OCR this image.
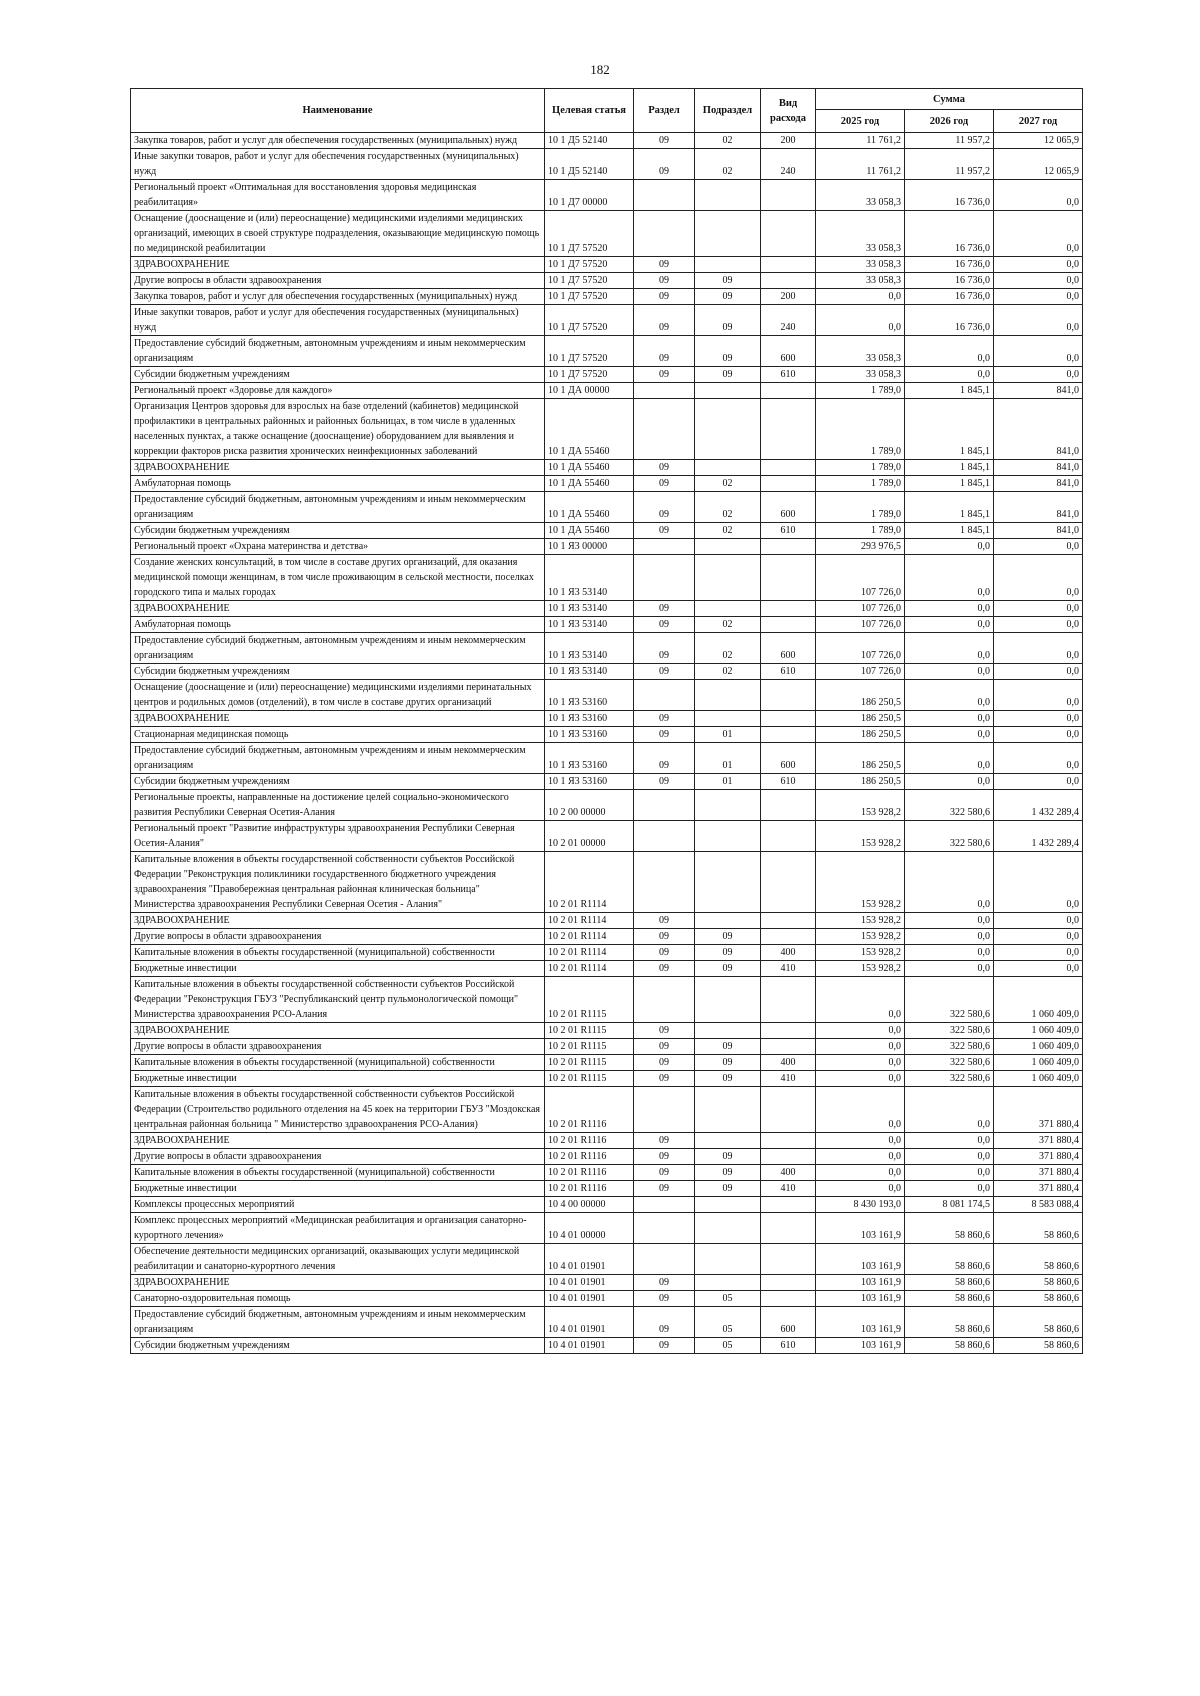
182
Наименование	Целевая статья	Раздел	Подраздел	Вид расхода	Сумма		
					2025 год	2026 год	2027 год
Закупка товаров, работ и услуг для обеспечения государственных (муниципальных) нужд	10 1 Д5 52140	09	02	200	11 761,2	11 957,2	12 065,9
Иные закупки товаров, работ и услуг для обеспечения государственных (муниципальных) нужд	10 1 Д5 52140	09	02	240	11 761,2	11 957,2	12 065,9
Региональный проект «Оптимальная для восстановления здоровья медицинская реабилитация»	10 1 Д7 00000				33 058,3	16 736,0	0,0
Оснащение (дооснащение и (или) переоснащение) медицинскими изделиями медицинских организаций, имеющих в своей структуре подразделения, оказывающие медицинскую помощь по медицинской реабилитации	10 1 Д7 57520				33 058,3	16 736,0	0,0
ЗДРАВООХРАНЕНИЕ	10 1 Д7 57520	09			33 058,3	16 736,0	0,0
Другие вопросы в области здравоохранения	10 1 Д7 57520	09	09		33 058,3	16 736,0	0,0
Закупка товаров, работ и услуг для обеспечения государственных (муниципальных) нужд	10 1 Д7 57520	09	09	200	0,0	16 736,0	0,0
Иные закупки товаров, работ и услуг для обеспечения государственных (муниципальных) нужд	10 1 Д7 57520	09	09	240	0,0	16 736,0	0,0
Предоставление субсидий бюджетным, автономным учреждениям и иным некоммерческим организациям	10 1 Д7 57520	09	09	600	33 058,3	0,0	0,0
Субсидии бюджетным учреждениям	10 1 Д7 57520	09	09	610	33 058,3	0,0	0,0
Региональный проект «Здоровье для каждого»	10 1 ДА 00000				1 789,0	1 845,1	841,0
Организация Центров здоровья для взрослых на базе отделений (кабинетов) медицинской профилактики в центральных районных и районных больницах, в том числе в удаленных населенных пунктах, а также оснащение (дооснащение) оборудованием для выявления и коррекции факторов риска развития хронических неинфекционных заболеваний	10 1 ДА 55460				1 789,0	1 845,1	841,0
ЗДРАВООХРАНЕНИЕ	10 1 ДА 55460	09			1 789,0	1 845,1	841,0
Амбулаторная помощь	10 1 ДА 55460	09	02		1 789,0	1 845,1	841,0
Предоставление субсидий бюджетным, автономным учреждениям и иным некоммерческим организациям	10 1 ДА 55460	09	02	600	1 789,0	1 845,1	841,0
Субсидии бюджетным учреждениям	10 1 ДА 55460	09	02	610	1 789,0	1 845,1	841,0
Региональный проект «Охрана материнства и детства»	10 1 Я3 00000				293 976,5	0,0	0,0
Создание женских консультаций, в том числе в составе других организаций, для оказания медицинской помощи женщинам, в том числе проживающим в сельской местности, поселках городского типа и малых городах	10 1 Я3 53140				107 726,0	0,0	0,0
ЗДРАВООХРАНЕНИЕ	10 1 Я3 53140	09			107 726,0	0,0	0,0
Амбулаторная помощь	10 1 Я3 53140	09	02		107 726,0	0,0	0,0
Предоставление субсидий бюджетным, автономным учреждениям и иным некоммерческим организациям	10 1 Я3 53140	09	02	600	107 726,0	0,0	0,0
Субсидии бюджетным учреждениям	10 1 Я3 53140	09	02	610	107 726,0	0,0	0,0
Оснащение (дооснащение и (или) переоснащение) медицинскими изделиями перинатальных центров и родильных домов (отделений), в том числе в составе других организаций	10 1 Я3 53160				186 250,5	0,0	0,0
ЗДРАВООХРАНЕНИЕ	10 1 Я3 53160	09			186 250,5	0,0	0,0
Стационарная медицинская помощь	10 1 Я3 53160	09	01		186 250,5	0,0	0,0
Предоставление субсидий бюджетным, автономным учреждениям и иным некоммерческим организациям	10 1 Я3 53160	09	01	600	186 250,5	0,0	0,0
Субсидии бюджетным учреждениям	10 1 Я3 53160	09	01	610	186 250,5	0,0	0,0
Региональные проекты, направленные на достижение целей социально-экономического развития Республики Северная Осетия-Алания	10 2 00 00000				153 928,2	322 580,6	1 432 289,4
Региональный проект "Развитие инфраструктуры здравоохранения Республики Северная Осетия-Алания"	10 2 01 00000				153 928,2	322 580,6	1 432 289,4
Капитальные вложения в объекты государственной собственности субъектов Российской Федерации "Реконструкция поликлиники государственного бюджетного учреждения здравоохранения "Правобережная центральная районная клиническая больница" Министерства здравоохранения Республики Северная Осетия - Алания"	10 2 01 R1114				153 928,2	0,0	0,0
ЗДРАВООХРАНЕНИЕ	10 2 01 R1114	09			153 928,2	0,0	0,0
Другие вопросы в области здравоохранения	10 2 01 R1114	09	09		153 928,2	0,0	0,0
Капитальные вложения в объекты государственной (муниципальной) собственности	10 2 01 R1114	09	09	400	153 928,2	0,0	0,0
Бюджетные инвестиции	10 2 01 R1114	09	09	410	153 928,2	0,0	0,0
Капитальные вложения в объекты государственной собственности субъектов Российской Федерации "Реконструкция ГБУЗ "Республиканский центр пульмонологической помощи" Министерства здравоохранения РСО-Алания	10 2 01 R1115				0,0	322 580,6	1 060 409,0
ЗДРАВООХРАНЕНИЕ	10 2 01 R1115	09			0,0	322 580,6	1 060 409,0
Другие вопросы в области здравоохранения	10 2 01 R1115	09	09		0,0	322 580,6	1 060 409,0
Капитальные вложения в объекты государственной (муниципальной) собственности	10 2 01 R1115	09	09	400	0,0	322 580,6	1 060 409,0
Бюджетные инвестиции	10 2 01 R1115	09	09	410	0,0	322 580,6	1 060 409,0
Капитальные вложения в объекты государственной собственности субъектов Российской Федерации (Строительство родильного отделения на 45 коек на территории ГБУЗ "Моздокская центральная районная больница " Министерство здравоохранения РСО-Алания)	10 2 01 R1116				0,0	0,0	371 880,4
ЗДРАВООХРАНЕНИЕ	10 2 01 R1116	09			0,0	0,0	371 880,4
Другие вопросы в области здравоохранения	10 2 01 R1116	09	09		0,0	0,0	371 880,4
Капитальные вложения в объекты государственной (муниципальной) собственности	10 2 01 R1116	09	09	400	0,0	0,0	371 880,4
Бюджетные инвестиции	10 2 01 R1116	09	09	410	0,0	0,0	371 880,4
Комплексы процессных мероприятий	10 4 00 00000				8 430 193,0	8 081 174,5	8 583 088,4
Комплекс процессных мероприятий «Медицинская реабилитация и организация санаторно-курортного лечения»	10 4 01 00000				103 161,9	58 860,6	58 860,6
Обеспечение деятельности медицинских организаций, оказывающих услуги медицинской реабилитации и санаторно-курортного лечения	10 4 01 01901				103 161,9	58 860,6	58 860,6
ЗДРАВООХРАНЕНИЕ	10 4 01 01901	09			103 161,9	58 860,6	58 860,6
Санаторно-оздоровительная помощь	10 4 01 01901	09	05		103 161,9	58 860,6	58 860,6
Предоставление субсидий бюджетным, автономным учреждениям и иным некоммерческим организациям	10 4 01 01901	09	05	600	103 161,9	58 860,6	58 860,6
Субсидии бюджетным учреждениям	10 4 01 01901	09	05	610	103 161,9	58 860,6	58 860,6
